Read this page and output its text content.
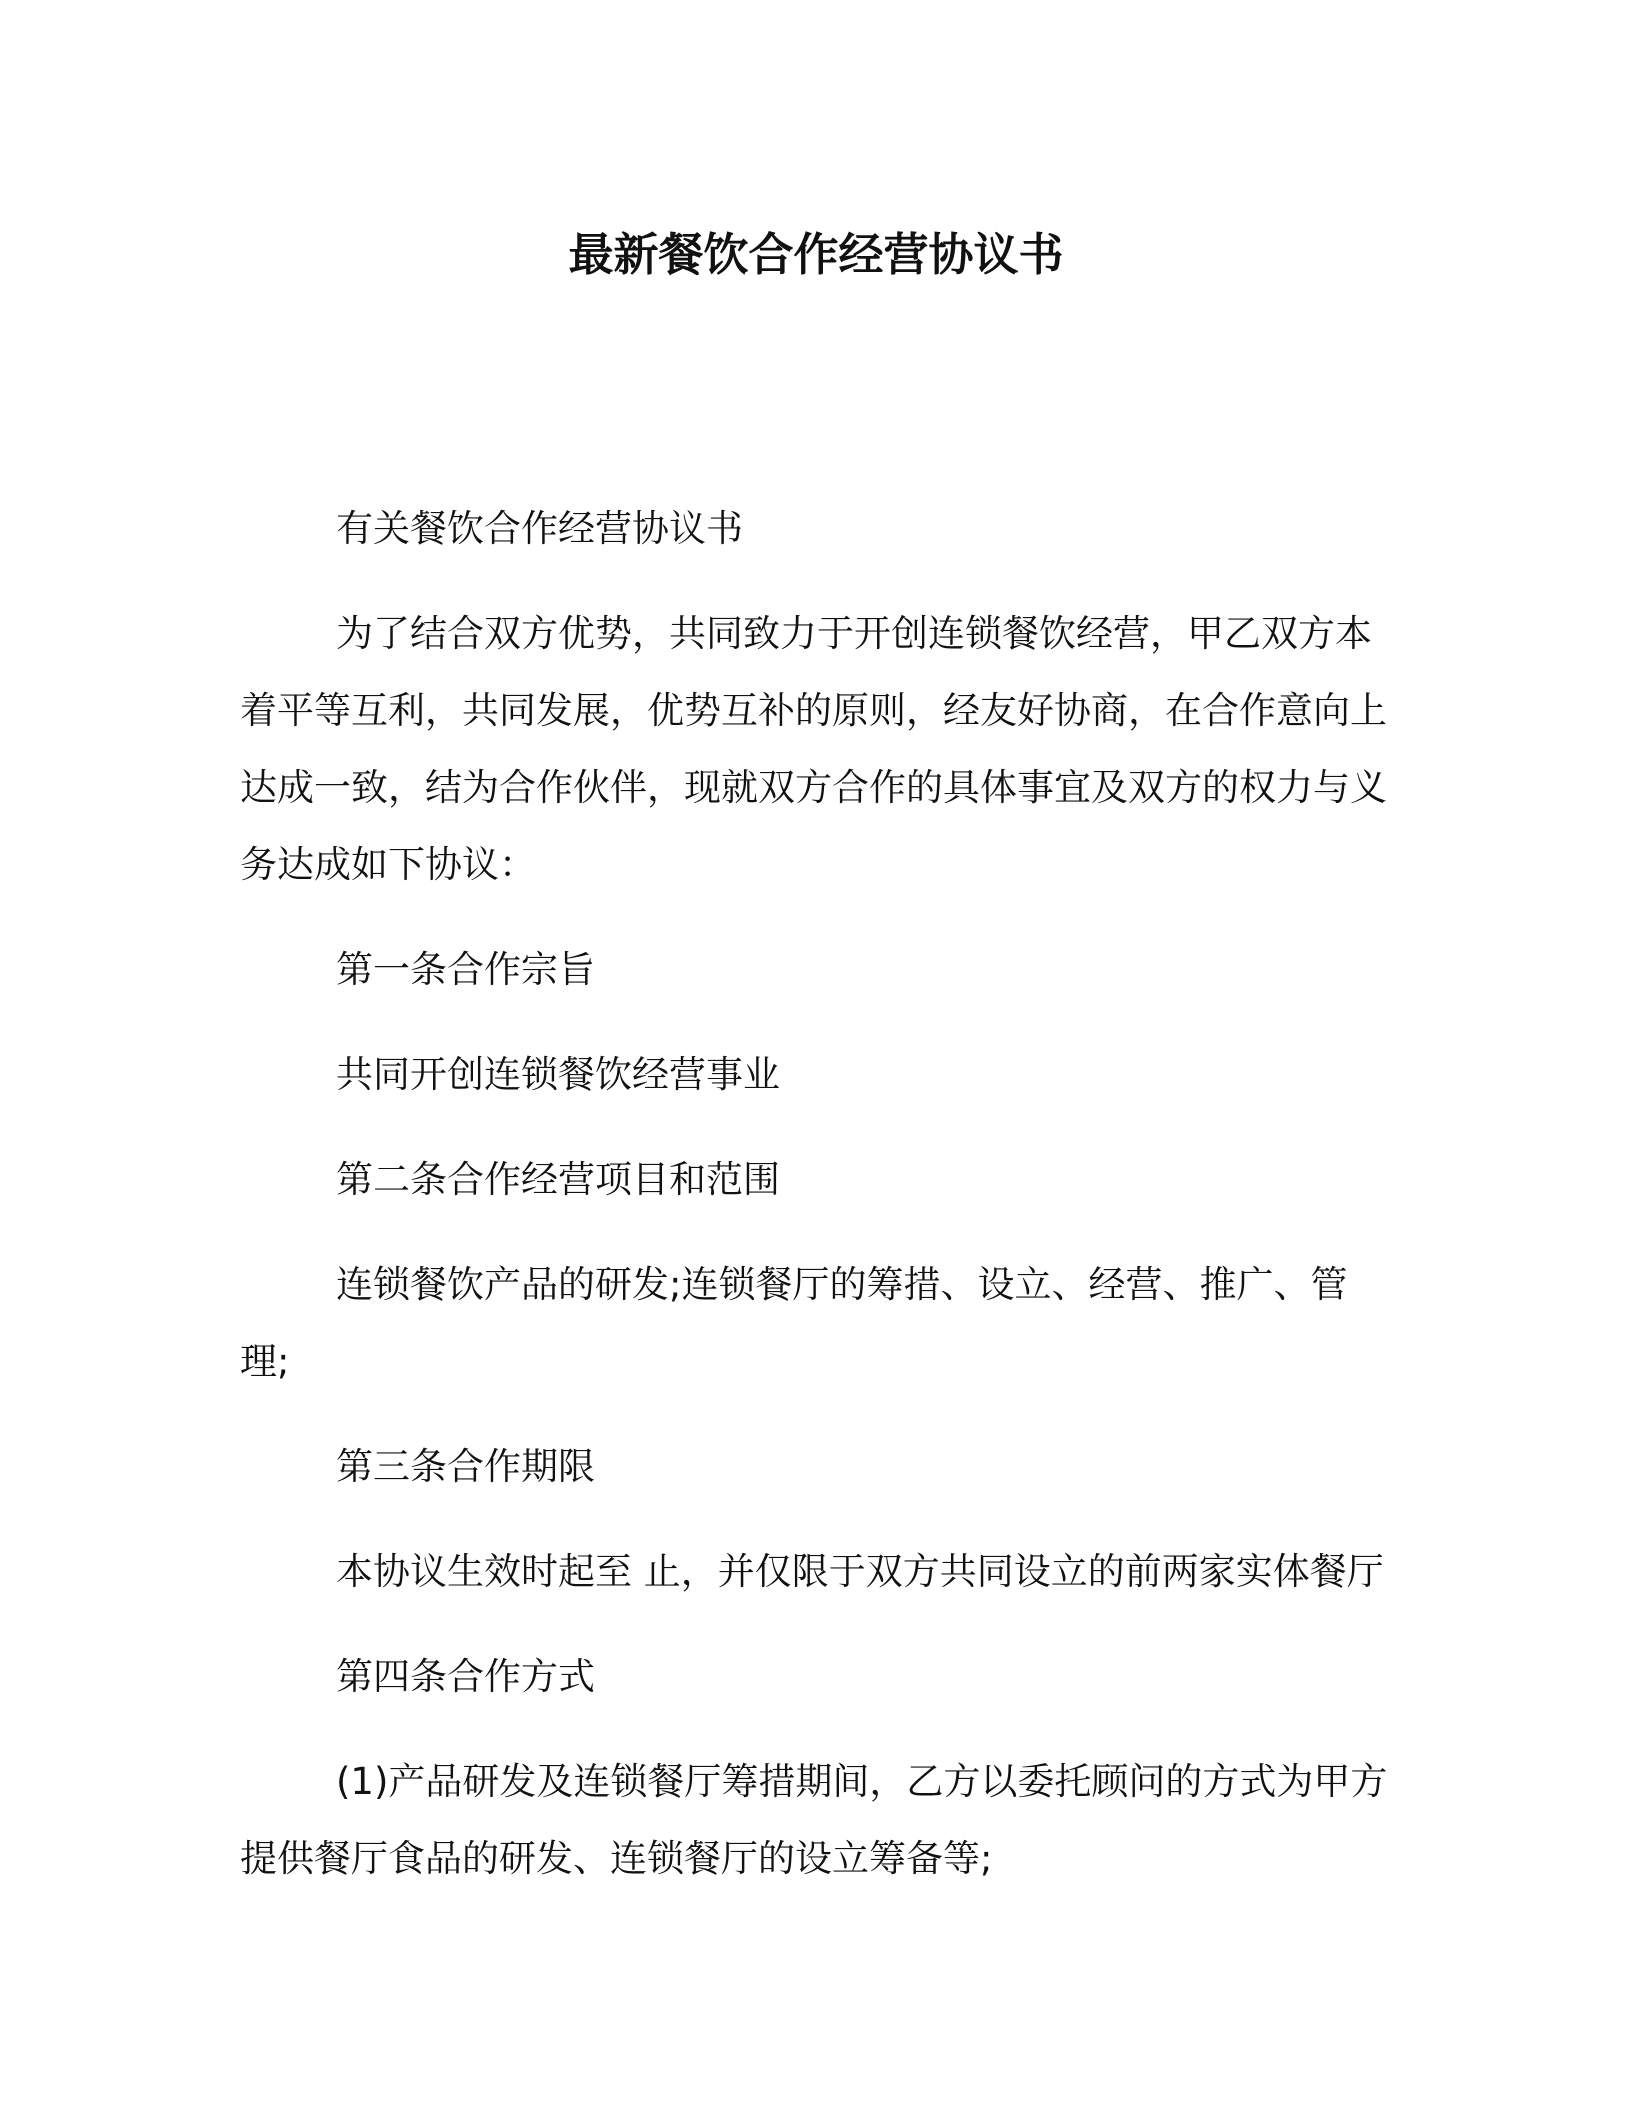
最新餐饮合作经营协议书

有关餐饮合作经营协议书

为了结合双方优势，共同致力于开创连锁餐饮经营，甲乙双方本着平等互利，共同发展，优势互补的原则，经友好协商，在合作意向上达成一致，结为合作伙伴，现就双方合作的具体事宜及双方的权力与义务达成如下协议：

第一条合作宗旨

共同开创连锁餐饮经营事业

第二条合作经营项目和范围

连锁餐饮产品的研发;连锁餐厅的筹措、设立、经营、推广、管理;

第三条合作期限

本协议生效时起至 止，并仅限于双方共同设立的前两家实体餐厅

第四条合作方式

(1)产品研发及连锁餐厅筹措期间，乙方以委托顾问的方式为甲方提供餐厅食品的研发、连锁餐厅的设立筹备等;
